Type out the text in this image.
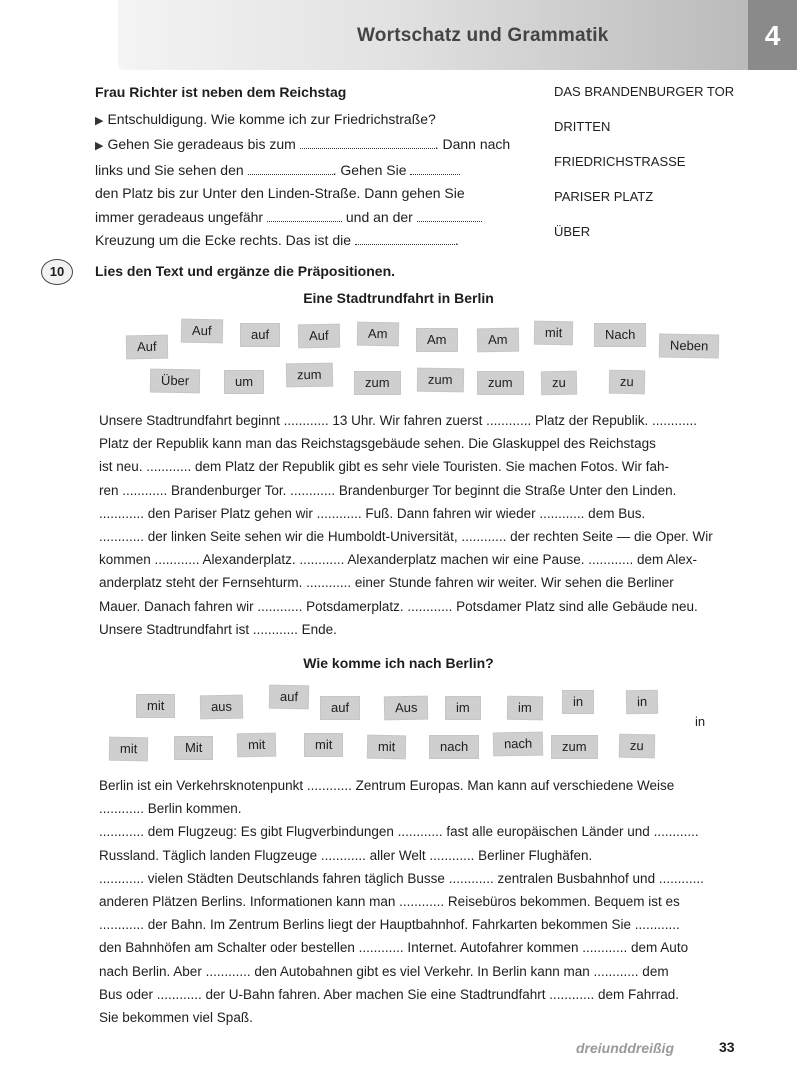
Wortschatz und Grammatik	4
Frau Richter ist neben dem Reichstag

▶ Entschuldigung. Wie komme ich zur Friedrichstraße?

▶ Gehen Sie geradeaus bis zum	. Dann nach

links und Sie sehen den	. Gehen Sie

den Platz bis zur Unter den Linden-Straße. Dann gehen Sie

immer geradeaus ungefähr	und an der

Kreuzung um die Ecke rechts. Das ist die	.

DAS BRANDENBURGER TOR
DRITTEN
FRIEDRICHSTRASSE
PARISER PLATZ
ÜBER
10	Lies den Text und ergänze die Präpositionen.
Eine Stadtrundfahrt in Berlin
Auf
Auf	auf	Auf	Am	Am	Am	mit	Nach
Neben
Über	um	zum
zum	zum	zum	zu	zu

Unsere Stadtrundfahrt beginnt ............ 13 Uhr. Wir fahren zuerst ............ Platz der Republik. ............

Platz der Republik kann man das Reichstagsgebäude sehen. Die Glaskuppel des Reichstags

ist neu. ............ dem Platz der Republik gibt es sehr viele Touristen. Sie machen Fotos. Wir fah-

ren ............ Brandenburger Tor. ............ Brandenburger Tor beginnt die Straße Unter den Linden.

............ den Pariser Platz gehen wir ............ Fuß. Dann fahren wir wieder ............ dem Bus.

............ der linken Seite sehen wir die Humboldt-Universität, ............ der rechten Seite — die Oper. Wir

kommen ............ Alexanderplatz. ............ Alexanderplatz machen wir eine Pause. ............ dem Alex-

anderplatz steht der Fernsehturm. ............ einer Stunde fahren wir weiter. Wir sehen die Berliner

Mauer. Danach fahren wir ............ Potsdamerplatz. ............ Potsdamer Platz sind alle Gebäude neu.

Unsere Stadtrundfahrt ist ............ Ende.

Wie komme ich nach Berlin?
mit	aus
auf
auf	Aus	im	im	in	in
in
mit	Mit	mit	mit	mit	nach	nach	zum	zu

Berlin ist ein Verkehrsknotenpunkt ............ Zentrum Europas. Man kann auf verschiedene Weise

............ Berlin kommen.

............ dem Flugzeug: Es gibt Flugverbindungen ............ fast alle europäischen Länder und ............

Russland. Täglich landen Flugzeuge ............ aller Welt ............ Berliner Flughäfen.

............ vielen Städten Deutschlands fahren täglich Busse ............ zentralen Busbahnhof und ............

anderen Plätzen Berlins. Informationen kann man ............ Reisebüros bekommen. Bequem ist es

............ der Bahn. Im Zentrum Berlins liegt der Hauptbahnhof. Fahrkarten bekommen Sie ............

den Bahnhöfen am Schalter oder bestellen ............ Internet. Autofahrer kommen ............ dem Auto

nach Berlin. Aber ............ den Autobahnen gibt es viel Verkehr. In Berlin kann man ............ dem

Bus oder ............ der U-Bahn fahren. Aber machen Sie eine Stadtrundfahrt ............ dem Fahrrad.

Sie bekommen viel Spaß.

dreiunddreißig	33
